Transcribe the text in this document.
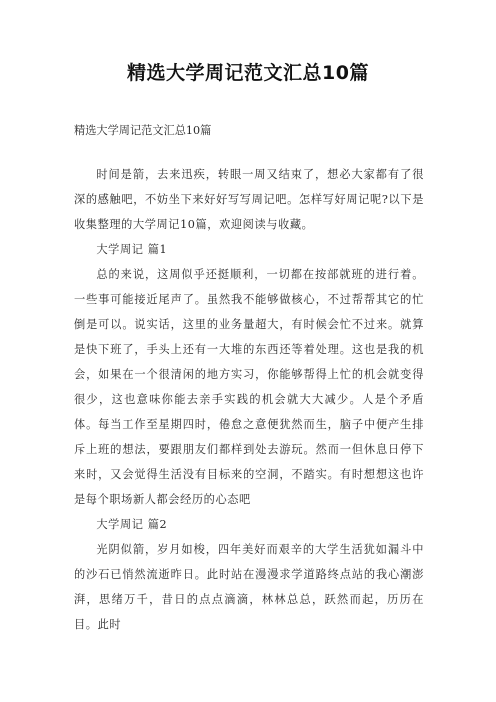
精选大学周记范文汇总10篇

精选大学周记范文汇总10篇

时间是箭，去来迅疾，转眼一周又结束了，想必大家都有了很深的感触吧，不妨坐下来好好写写周记吧。怎样写好周记呢?以下是收集整理的大学周记10篇，欢迎阅读与收藏。

大学周记 篇1

总的来说，这周似乎还挺顺利，一切都在按部就班的进行着。一些事可能接近尾声了。虽然我不能够做核心，不过帮帮其它的忙倒是可以。说实话，这里的业务量超大，有时候会忙不过来。就算是快下班了，手头上还有一大堆的东西还等着处理。这也是我的机会，如果在一个很清闲的地方实习，你能够帮得上忙的机会就变得很少，这也意味你能去亲手实践的机会就大大减少。人是个矛盾体。每当工作至星期四时，倦怠之意便犹然而生，脑子中便产生排斥上班的想法，要跟朋友们都样到处去游玩。然而一但休息日停下来时，又会觉得生活没有目标来的空洞，不踏实。有时想想这也许是每个职场新人都会经历的心态吧

大学周记 篇2

光阴似箭，岁月如梭，四年美好而艰辛的大学生活犹如漏斗中的沙石已悄然流逝昨日。此时站在漫漫求学道路终点站的我心潮澎湃，思绪万千，昔日的点点滴滴，林林总总，跃然而起，历历在目。此时
